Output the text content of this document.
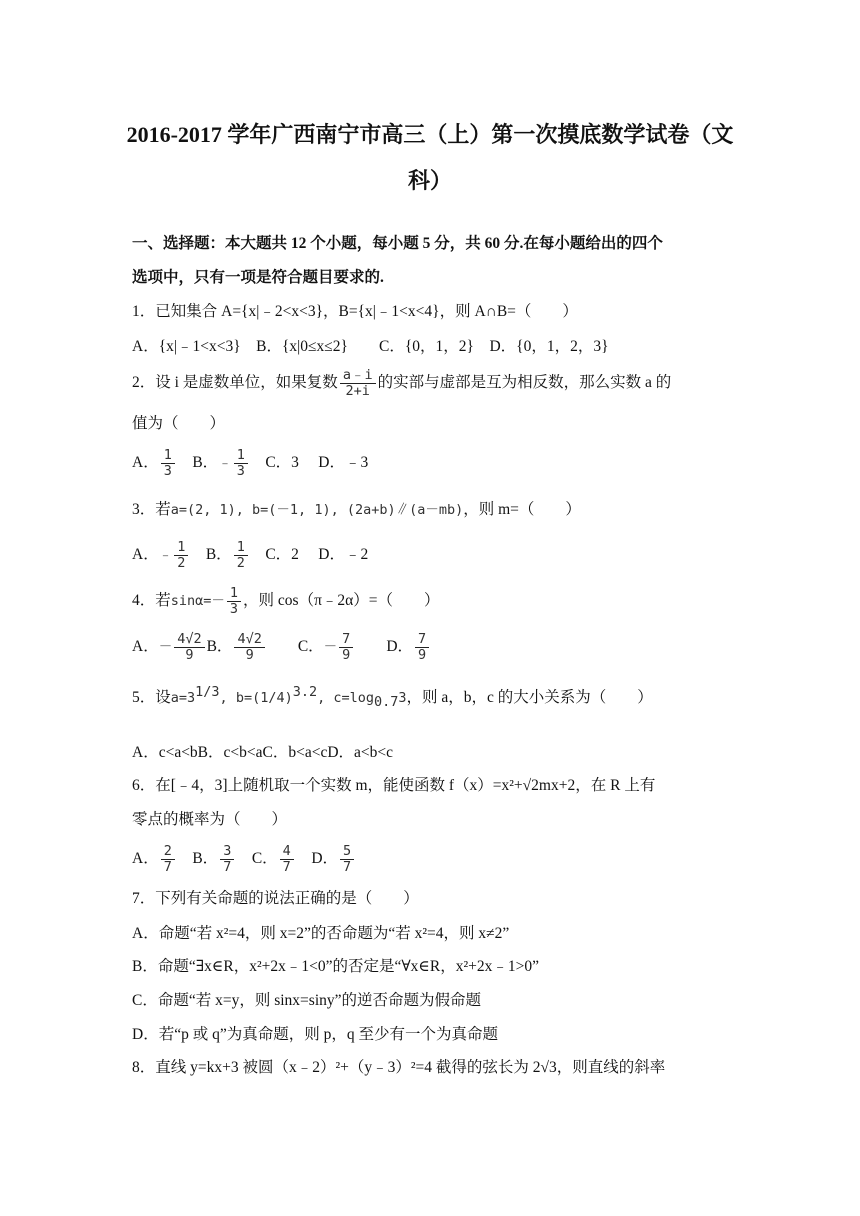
2016-2017 学年广西南宁市高三（上）第一次摸底数学试卷（文
科）
一、选择题：本大题共 12 个小题，每小题 5 分，共 60 分.在每小题给出的四个
选项中，只有一项是符合题目要求的.
1．已知集合 A={x|﹣2<x<3}，B={x|﹣1<x<4}，则 A∩B=（　　）
A．{x|﹣1<x<3}　B．{x|0≤x≤2}　　C．{0，1，2}　D．{0，1，2，3}
2．设 i 是虚数单位，如果复数 $\frac{a﹣i}{2+i}$ 的实部与虚部是互为相反数，那么实数 a 的
值为（　　）
A． $\frac{1}{3}$ 　B．﹣ $\frac{1}{3}$ 　C．3　 D．﹣3
3．若a=(2, 1), b=(－1, 1), (2a+b)∥(a－mb)，则 m=（　　）
A．﹣ $\frac{1}{2}$ 　B． $\frac{1}{2}$ 　C．2　 D．﹣2
4．若$\sin\alpha=- \frac{1}{3}$ ，则 cos（π﹣2α）=（　　）
A．－ $\frac{4√2}{9}$ B． $\frac{4√2}{9}$ 　　C．－ $\frac{7}{9}$ 　　D． $\frac{7}{9}$
5．设$a=3^{1/3}$, $b=(1/4)^{3.2}$, $c=\log_{0.7}3$，则 a，b，c 的大小关系为（　　）
A．c<a<bB．c<b<aC．b<a<cD．a<b<c
6．在[﹣4，3]上随机取一个实数 m，能使函数 f（x）=x²+√2mx+2，在 R 上有
零点的概率为（　　）
A． $\frac{2}{7}$ 　B． $\frac{3}{7}$ 　C． $\frac{4}{7}$ 　D． $\frac{5}{7}$
7．下列有关命题的说法正确的是（　　）
A．命题“若 x²=4，则 x=2”的否命题为“若 x²=4，则 x≠2”
B．命题“∃x∈R，x²+2x﹣1<0”的否定是“∀x∈R，x²+2x﹣1>0”
C．命题“若 x=y，则 sinx=siny”的逆否命题为假命题
D．若“p 或 q”为真命题，则 p，q 至少有一个为真命题
8．直线 y=kx+3 被圆（x﹣2）²+（y﹣3）²=4 截得的弦长为 2√3，则直线的斜率
